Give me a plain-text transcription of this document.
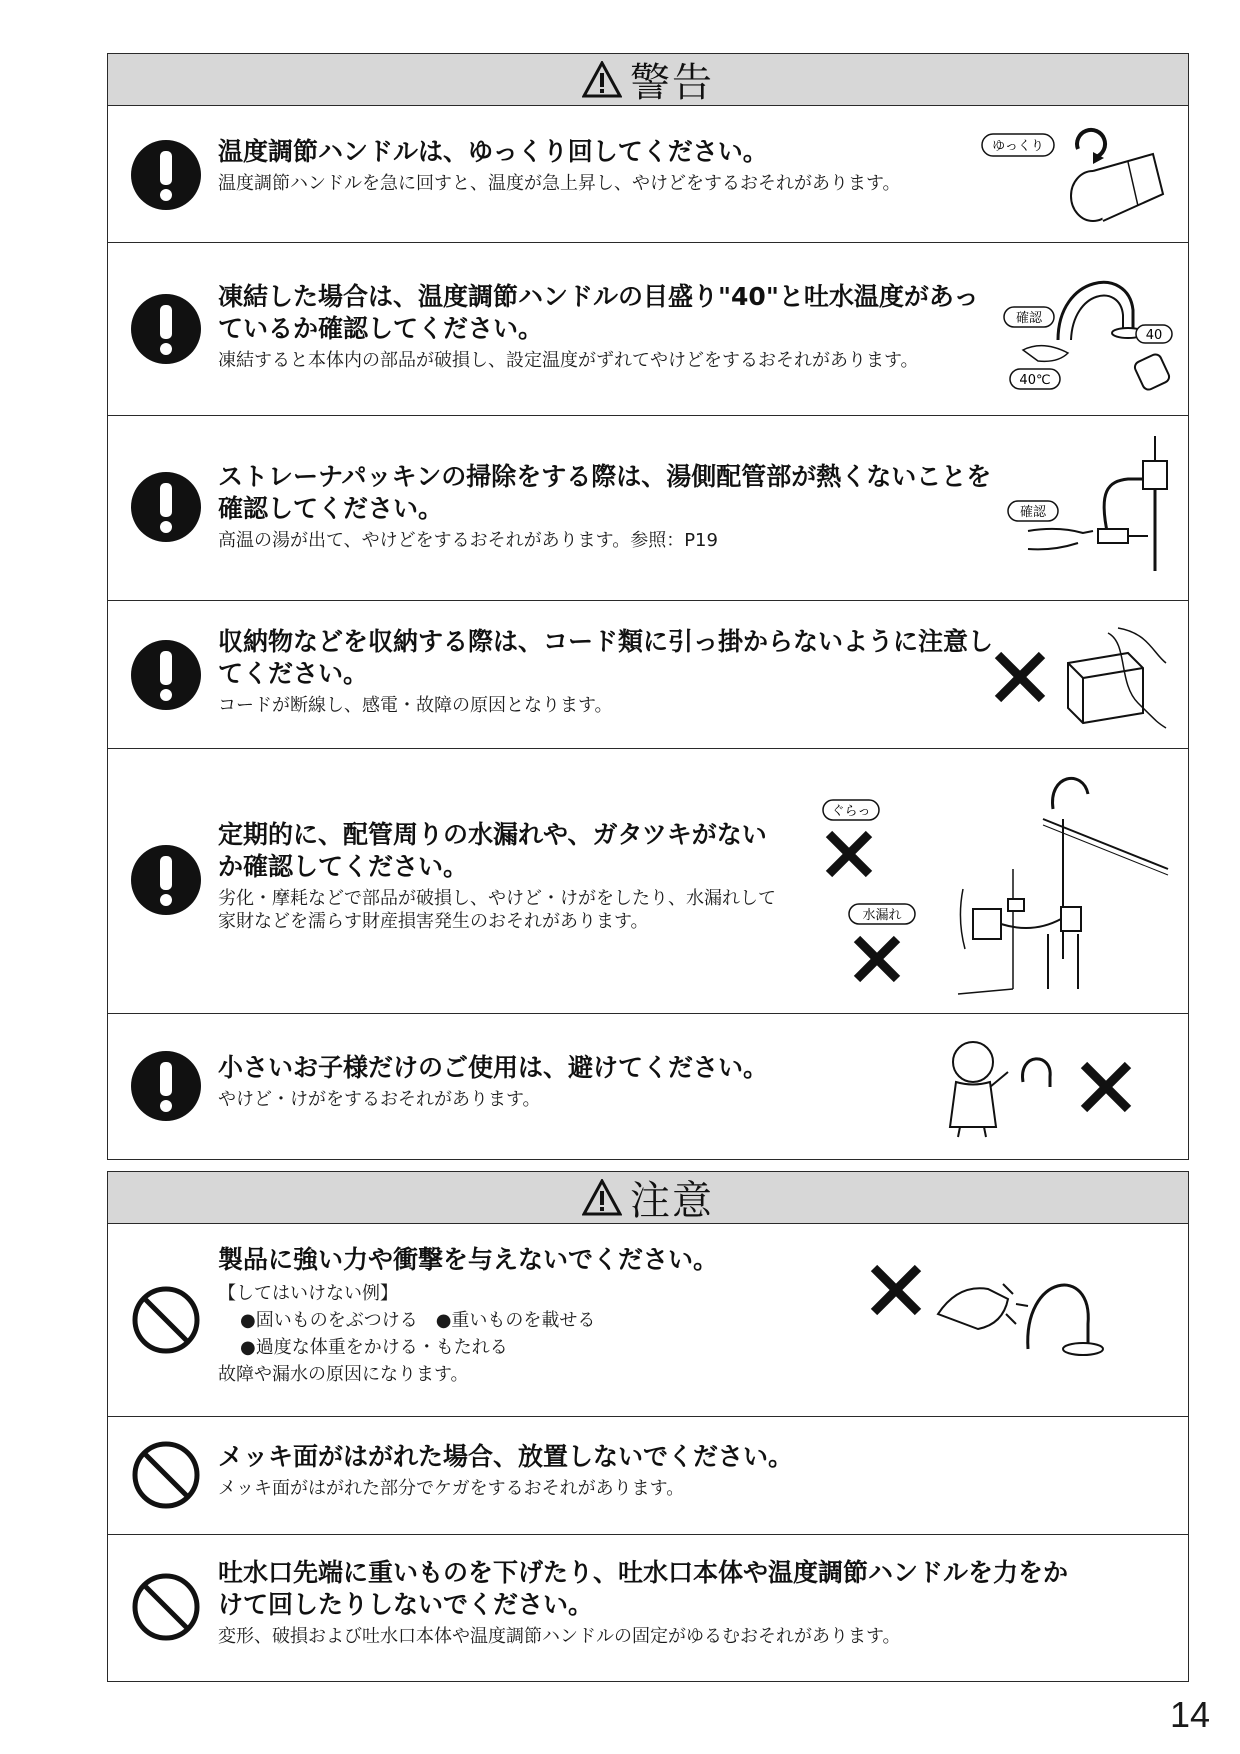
警告

温度調節ハンドルは、ゆっくり回してください。

温度調節ハンドルを急に回すと、温度が急上昇し、やけどをするおそれがあります。

ゆっくり

凍結した場合は、温度調節ハンドルの目盛り"40"と吐水温度があっているか確認してください。

凍結すると本体内の部品が破損し、設定温度がずれてやけどをするおそれがあります。

確認
40
40℃

ストレーナパッキンの掃除をする際は、湯側配管部が熱くないことを確認してください。

高温の湯が出て、やけどをするおそれがあります。参照：P19

確認

収納物などを収納する際は、コード類に引っ掛からないように注意してください。

コードが断線し、感電・故障の原因となります。

定期的に、配管周りの水漏れや、ガタツキがないか確認してください。

劣化・摩耗などで部品が破損し、やけど・けがをしたり、水漏れして家財などを濡らす財産損害発生のおそれがあります。

ぐらっ
水漏れ

小さいお子様だけのご使用は、避けてください。

やけど・けがをするおそれがあります。

注意

製品に強い力や衝撃を与えないでください。

【してはいけない例】

●固いものをぶつける　●重いものを載せる

●過度な体重をかける・もたれる

故障や漏水の原因になります。

メッキ面がはがれた場合、放置しないでください。

メッキ面がはがれた部分でケガをするおそれがあります。

吐水口先端に重いものを下げたり、吐水口本体や温度調節ハンドルを力をかけて回したりしないでください。

変形、破損および吐水口本体や温度調節ハンドルの固定がゆるむおそれがあります。

14
